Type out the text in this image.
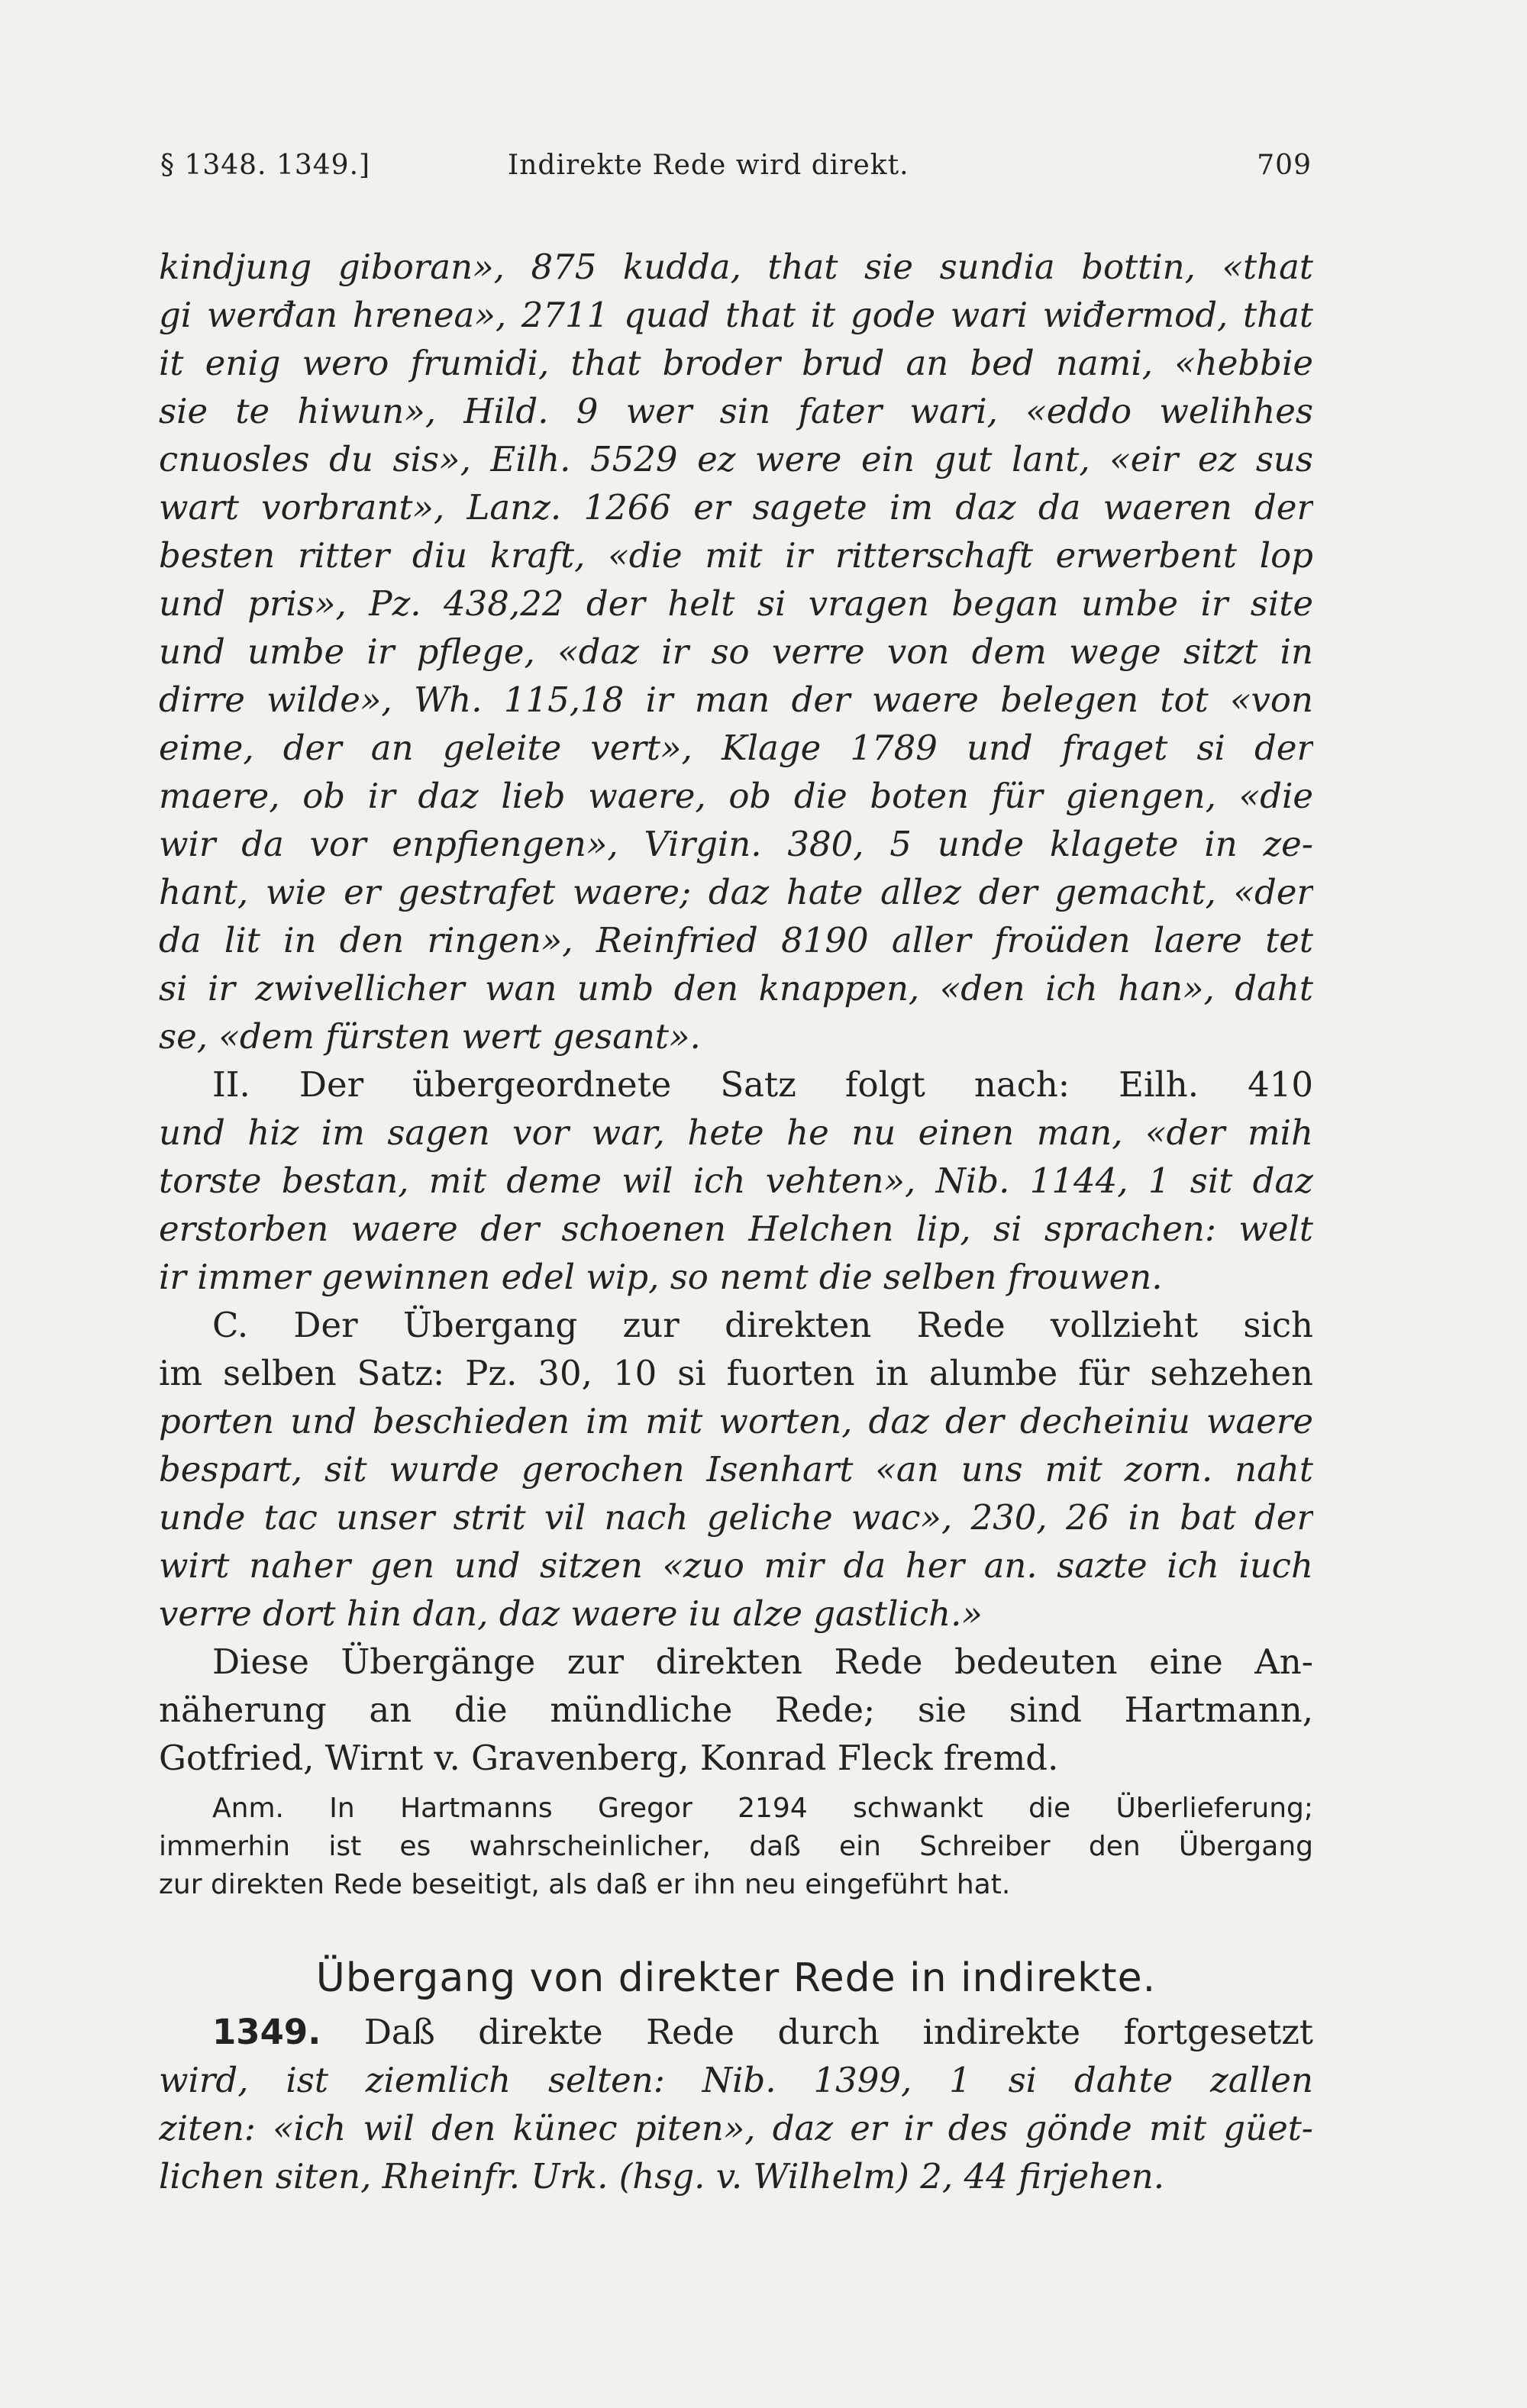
§ 1348. 1349.]	Indirekte Rede wird direkt.	709
kindjung giboran», 875 kudda, that sie sundia bottin, «that
gi werđan hrenea», 2711 quad that it gode wari wiđermod, that
it enig wero frumidi, that broder brud an bed nami, «hebbie
sie te hiwun», Hild. 9 wer sin fater wari, «eddo welihhes
cnuosles du sis», Eilh. 5529 ez were ein gut lant, «eir ez sus
wart vorbrant», Lanz. 1266 er sagete im daz da waeren der
besten ritter diu kraft, «die mit ir ritterschaft erwerbent lop
und pris», Pz. 438,22 der helt si vragen began umbe ir site
und umbe ir pflege, «daz ir so verre von dem wege sitzt in
dirre wilde», Wh. 115,18 ir man der waere belegen tot «von
eime, der an geleite vert», Klage 1789 und fraget si der
maere, ob ir daz lieb waere, ob die boten für giengen, «die
wir da vor enpfiengen», Virgin. 380, 5 unde klagete in ze-
hant, wie er gestrafet waere; daz hate allez der gemacht, «der
da lit in den ringen», Reinfried 8190 aller froüden laere tet
si ir zwivellicher wan umb den knappen, «den ich han», daht
se, «dem fürsten wert gesant».
II. Der übergeordnete Satz folgt nach: Eilh. 410
und hiz im sagen vor war, hete he nu einen man, «der mih
torste bestan, mit deme wil ich vehten», Nib. 1144, 1 sit daz
erstorben waere der schoenen Helchen lip, si sprachen: welt
ir immer gewinnen edel wip, so nemt die selben frouwen.
C. Der Übergang zur direkten Rede vollzieht sich
im selben Satz: Pz. 30, 10 si fuorten in alumbe für sehzehen
porten und beschieden im mit worten, daz der decheiniu waere
bespart, sit wurde gerochen Isenhart «an uns mit zorn. naht
unde tac unser strit vil nach geliche wac», 230, 26 in bat der
wirt naher gen und sitzen «zuo mir da her an. sazte ich iuch
verre dort hin dan, daz waere iu alze gastlich.»
Diese Übergänge zur direkten Rede bedeuten eine An-
näherung an die mündliche Rede; sie sind Hartmann,
Gotfried, Wirnt v. Gravenberg, Konrad Fleck fremd.
Anm. In Hartmanns Gregor 2194 schwankt die Überlieferung;
immerhin ist es wahrscheinlicher, daß ein Schreiber den Übergang
zur direkten Rede beseitigt, als daß er ihn neu eingeführt hat.
Übergang von direkter Rede in indirekte.
1349. Daß direkte Rede durch indirekte fortgesetzt
wird, ist ziemlich selten: Nib. 1399, 1 si dahte zallen
ziten: «ich wil den künec piten», daz er ir des gönde mit güet-
lichen siten, Rheinfr. Urk. (hsg. v. Wilhelm) 2, 44 firjehen.
